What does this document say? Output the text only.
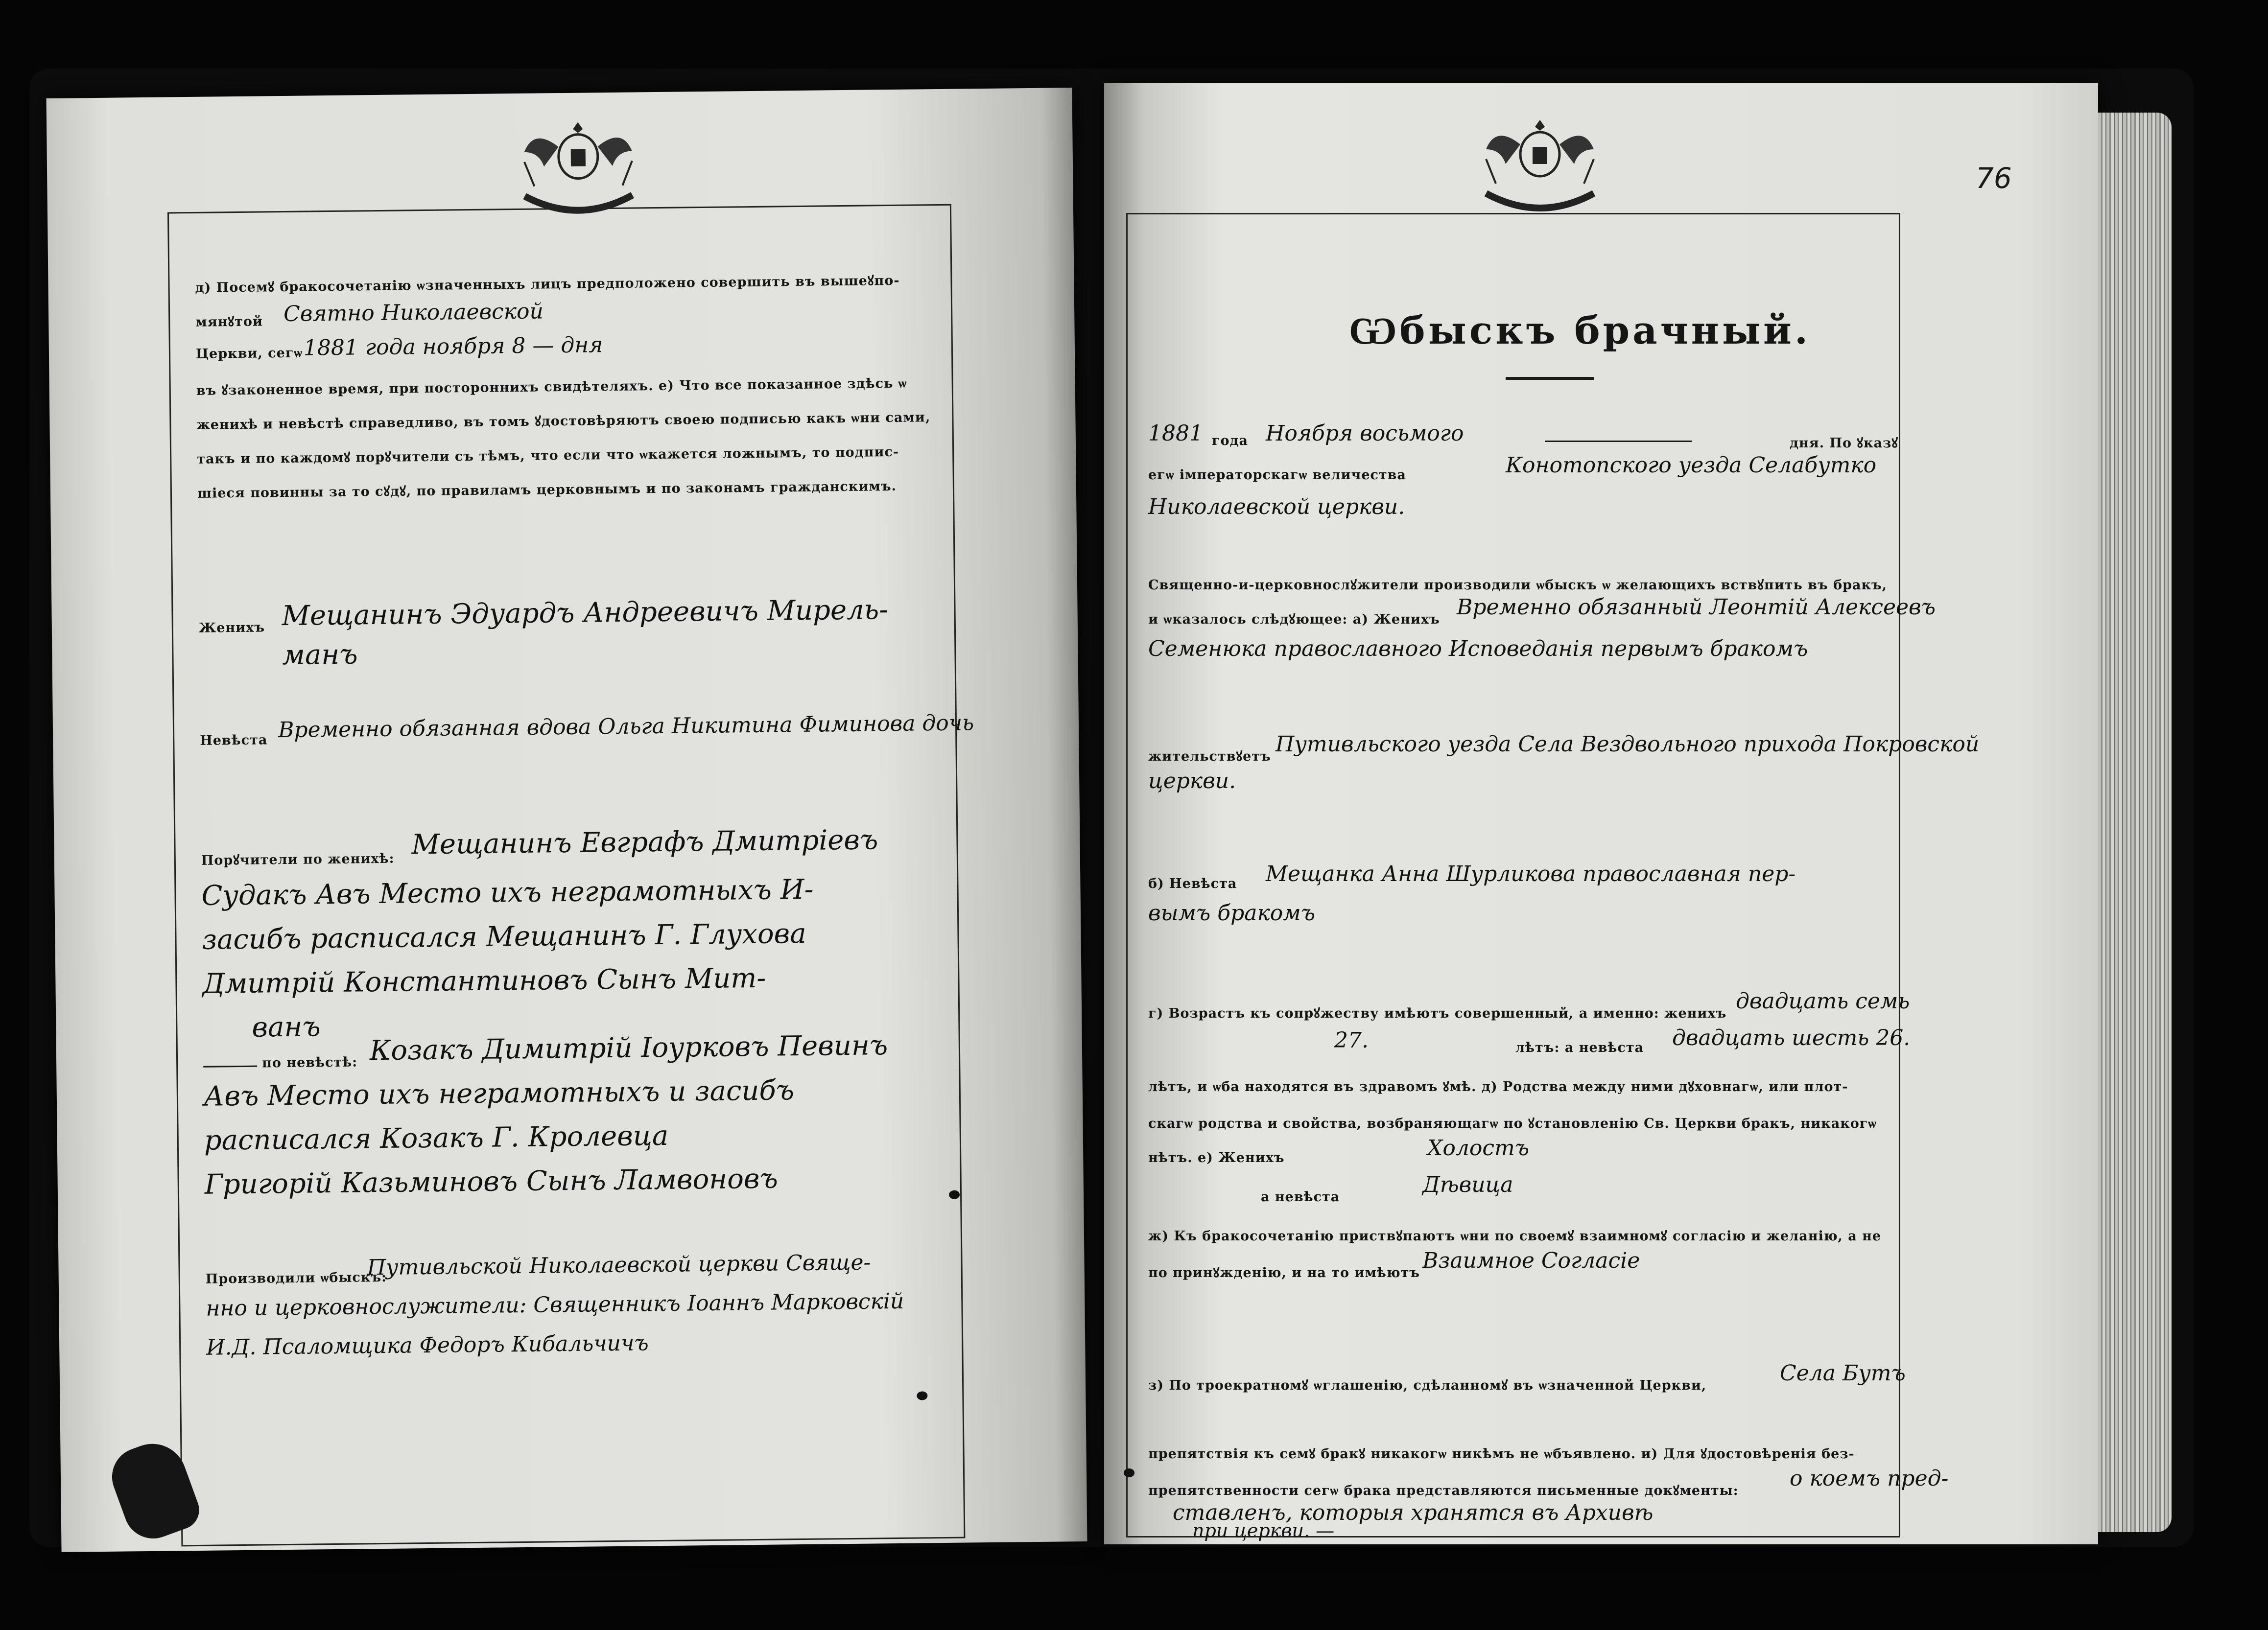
д) Посемꙋ бракосочетанію ѡзначенныхъ лицъ предположено совершить въ вышеꙋпо-
мянꙋтой Святно Николаевской
Церкви, сегѡ 1881 года ноября 8 — дня
въ ꙋзаконенное время, при постороннихъ свидѣтеляхъ. е) Что все показанное здѣсь ѡ
женихѣ и невѣстѣ справедливо, въ томъ ꙋдостовѣряютъ своею подписью какъ ѡни сами,
такъ и по каждомꙋ порꙋчители съ тѣмъ, что если что ѡкажется ложнымъ, то подпис-
шіеся повинны за то сꙋдꙋ, по правиламъ церковнымъ и по законамъ гражданскимъ.
Женихъ Мещанинъ Эдуардъ Андреевичъ Мирель-
манъ
Невѣста Временно обязанная вдова Ольга Никитина Фиминова дочь
Порꙋчители по женихѣ: Мещанинъ Евграфъ Дмитріевъ
Судакъ Авъ Место ихъ неграмотныхъ И-
засибъ расписался Мещанинъ Г. Глухова
Дмитрій Константиновъ Сынъ Мит-
ванъ
по невѣстѣ: Козакъ Димитрій Іоурковъ Певинъ
Авъ Место ихъ неграмотныхъ и засибъ
расписался Козакъ Г. Кролевца
Григорій Казьминовъ Сынъ Ламвоновъ
Производили ѡбыскъ:
Путивльской Николаевской церкви Свяще-
нно и церковнослужители: Священникъ Іоаннъ Марковскій
И.Д. Псаломщика Федоръ Кибальчичъ
76
Ѡбыскъ брачный.
1881 года Ноября восьмого	дня. По ꙋказꙋ
егѡ імператорскагѡ величества	Конотопского уезда Селабутко
Николаевской церкви.
Священно-и-церковнослꙋжители производили ѡбыскъ ѡ желающихъ вствꙋпить въ бракъ,
и ѡказалось слѣдꙋющее: а) Женихъ Временно обязанный Леонтій Алексеевъ
Семенюка православного Исповеданія первымъ бракомъ
жительствꙋетъ Путивльского уезда Села Вездвольного прихода Покровской
церкви.
б) Невѣста Мещанка Анна Шурликова православная пер-
вымъ бракомъ
г) Возрастъ къ сопрꙋжеству имѣютъ совершенный, а именно: женихъ двадцать семь
27.	лѣтъ: а невѣста двадцать шесть 26.
лѣтъ, и ѡба находятся въ здравомъ ꙋмѣ. д) Родства между ними дꙋховнагѡ, или плот-
скагѡ родства и свойства, возбраняющагѡ по ꙋстановленію Св. Церкви бракъ, никакогѡ
нѣтъ. е) Женихъ	Холостъ
а невѣста	Дѣвица
ж) Къ бракосочетанію приствꙋпаютъ ѡни по своемꙋ взаимномꙋ согласію и желанію, а не
по принꙋжденію, и на то имѣютъ Взаимное Согласіе
з) По троекратномꙋ ѡглашенію, сдѣланномꙋ въ ѡзначенной Церкви,	Села Бутъ
препятствія къ семꙋ бракꙋ никакогѡ никѣмъ не ѡбъявлено. и) Для ꙋдостовѣренія без-
препятственности сегѡ брака представляются письменные докꙋменты: о коемъ пред-
ставленъ, которыя хранятся въ Архивѣ
при церкви. —
